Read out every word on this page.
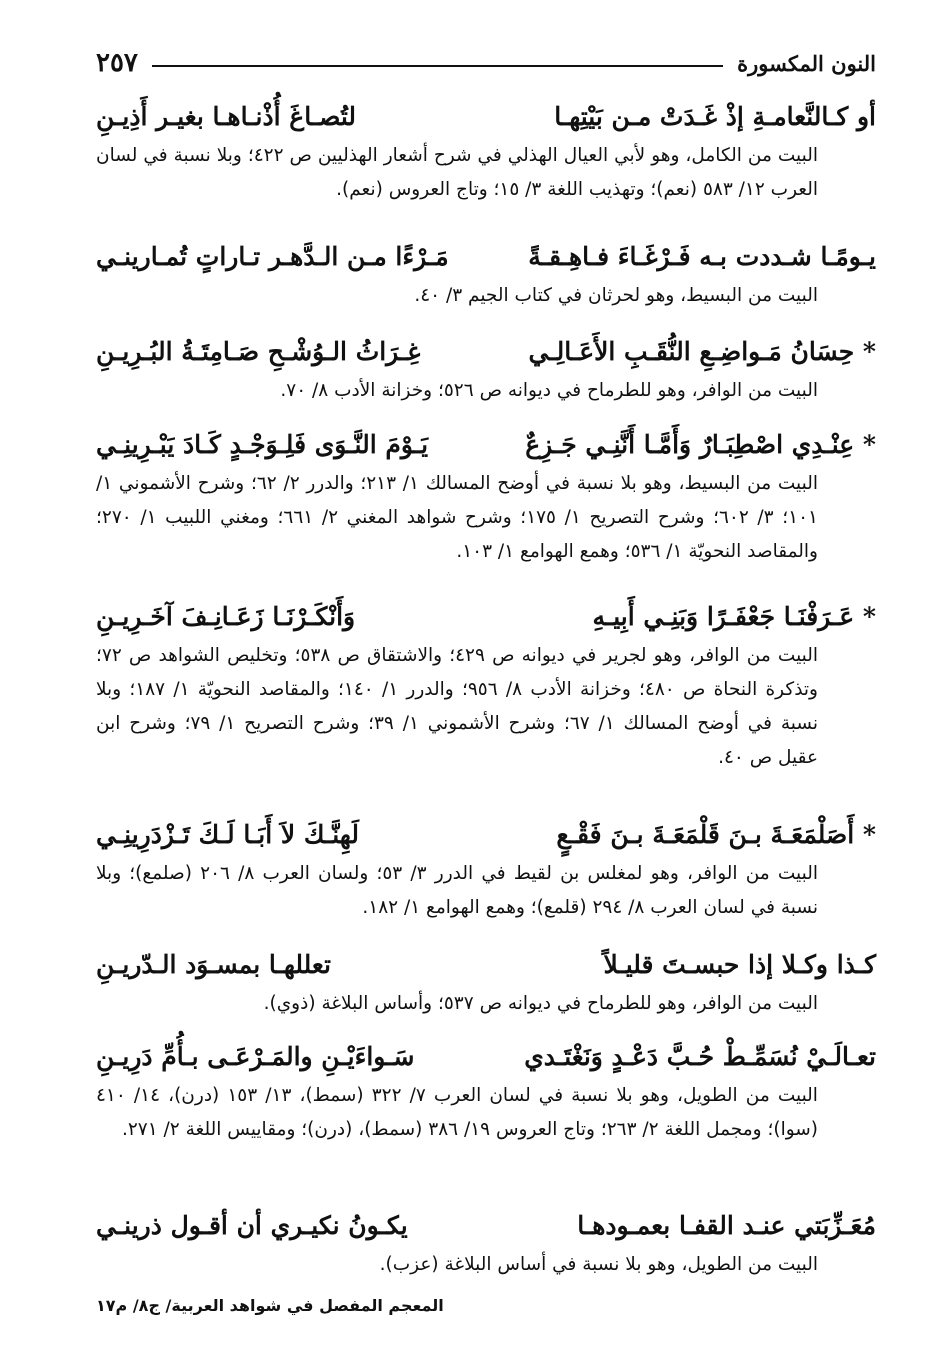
النون المكسورة
٢٥٧
أو كـالنَّعامـةِ إذْ غَـدَتْ مـن بَيْتِهـا
لتُصـاغَ أُذْنـاهـا بغيـر أَذِيـنِ
البيت من الكامل، وهو لأبي العيال الهذلي في شرح أشعار الهذليين ص ٤٢٢؛ وبلا نسبة في لسان العرب ١٢/ ٥٨٣ (نعم)؛ وتهذيب اللغة ٣/ ١٥؛ وتاج العروس (نعم).
يـومًـا شـددت بـه فَـرْغَـاءَ فـاهِـقـةً
مَـرْءًا مـن الـدَّهـر تـاراتٍ تُمـارينـي
البيت من البسيط، وهو لحرثان في كتاب الجيم ٣/ ٤٠.
* حِسَانُ مَـواضِـعِ النُّقَـبِ الأَعَـالِـي
غِـرَاثُ الـوُشْـحِ صَـامِتَـةُ البُـرِيـنِ
البيت من الوافر، وهو للطرماح في ديوانه ص ٥٢٦؛ وخزانة الأدب ٨/ ٧٠.
* عِنْـدِي اصْطِبَـارٌ وَأَمَّـا أَنَّنِـي جَـزِعٌ
يَـوْمَ النَّـوَى فَلِـوَجْـدٍ كَـادَ يَبْـرِينِـي
البيت من البسيط، وهو بلا نسبة في أوضح المسالك ١/ ٢١٣؛ والدرر ٢/ ٦٢؛ وشرح الأشموني ١/ ١٠١؛ ٣/ ٦٠٢؛ وشرح التصريح ١/ ١٧٥؛ وشرح شواهد المغني ٢/ ٦٦١؛ ومغني اللبيب ١/ ٢٧٠؛ والمقاصد النحويّة ١/ ٥٣٦؛ وهمع الهوامع ١/ ١٠٣.
* عَـرَفْنَـا جَعْفَـرًا وَبَنِـي أَبِيـهِ
وَأَنْكَـرْنَـا زَعَـانِـفَ آخَـرِيـنِ
البيت من الوافر، وهو لجرير في ديوانه ص ٤٢٩؛ والاشتقاق ص ٥٣٨؛ وتخليص الشواهد ص ٧٢؛ وتذكرة النحاة ص ٤٨٠؛ وخزانة الأدب ٨/ ٩٥٦؛ والدرر ١/ ١٤٠؛ والمقاصد النحويّة ١/ ١٨٧؛ وبلا نسبة في أوضح المسالك ١/ ٦٧؛ وشرح الأشموني ١/ ٣٩؛ وشرح التصريح ١/ ٧٩؛ وشرح ابن عقيل ص ٤٠.
* أَصَلْمَعَـةَ بـنَ قَلْمَعَـةَ بـنَ فَقْـعٍ
لَهِنَّـكَ لاَ أَبَـا لَـكَ تَـزْدَرِينِـي
البيت من الوافر، وهو لمغلس بن لقيط في الدرر ٣/ ٥٣؛ ولسان العرب ٨/ ٢٠٦ (صلمع)؛ وبلا نسبة في لسان العرب ٨/ ٢٩٤ (قلمع)؛ وهمع الهوامع ١/ ١٨٢.
كـذا وكـلا إذا حبسـتَ قليـلاً
تعللهـا بمسـوَد الـدّريـنِ
البيت من الوافر، وهو للطرماح في ديوانه ص ٥٣٧؛ وأساس البلاغة (ذوي).
تعـالَـيْ نُسَمِّـطْ حُـبَّ دَعْـدٍ وَنَغْتَـدي
سَـواءَيْـنِ والمَـرْعَـى بـأُمِّ دَرِيـنِ
البيت من الطويل، وهو بلا نسبة في لسان العرب ٧/ ٣٢٢ (سمط)، ١٣/ ١٥٣ (درن)، ١٤/ ٤١٠ (سوا)؛ ومجمل اللغة ٢/ ٢٦٣؛ وتاج العروس ١٩/ ٣٨٦ (سمط)، (درن)؛ ومقاييس اللغة ٢/ ٢٧١.
مُعَـزِّبَتي عنـد القفـا بعمـودهـا
يكـونُ نكيـري أن أقـول ذرينـي
البيت من الطويل، وهو بلا نسبة في أساس البلاغة (عزب).
المعجم المفصل في شواهد العربية/ ج٨/ م١٧
